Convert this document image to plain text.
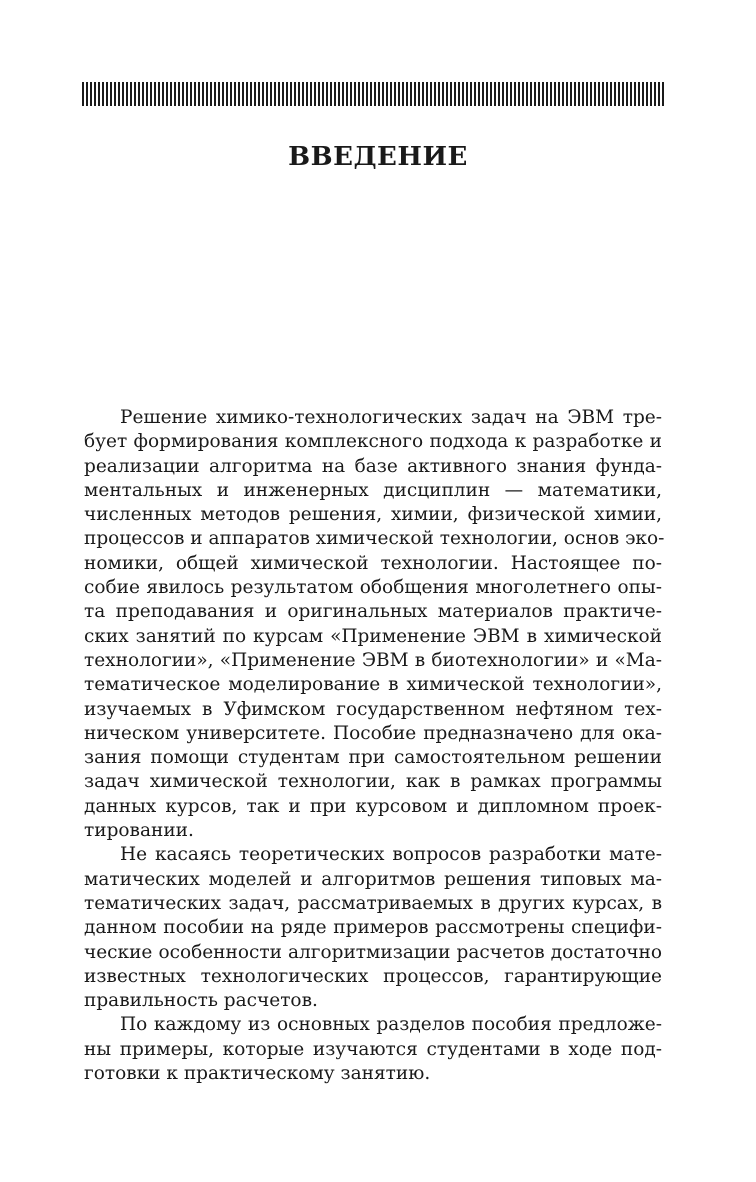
ВВЕДЕНИЕ
Решение химико-технологических задач на ЭВМ тре-
бует формирования комплексного подхода к разработке и
реализации алгоритма на базе активного знания фунда-
ментальных и инженерных дисциплин — математики,
численных методов решения, химии, физической химии,
процессов и аппаратов химической технологии, основ эко-
номики, общей химической технологии. Настоящее по-
собие явилось результатом обобщения многолетнего опы-
та преподавания и оригинальных материалов практиче-
ских занятий по курсам «Применение ЭВМ в химической
технологии», «Применение ЭВМ в биотехнологии» и «Ма-
тематическое моделирование в химической технологии»,
изучаемых в Уфимском государственном нефтяном тех-
ническом университете. Пособие предназначено для ока-
зания помощи студентам при самостоятельном решении
задач химической технологии, как в рамках программы
данных курсов, так и при курсовом и дипломном проек-
тировании.
Не касаясь теоретических вопросов разработки мате-
матических моделей и алгоритмов решения типовых ма-
тематических задач, рассматриваемых в других курсах, в
данном пособии на ряде примеров рассмотрены специфи-
ческие особенности алгоритмизации расчетов достаточно
известных технологических процессов, гарантирующие
правильность расчетов.
По каждому из основных разделов пособия предложе-
ны примеры, которые изучаются студентами в ходе под-
готовки к практическому занятию.
